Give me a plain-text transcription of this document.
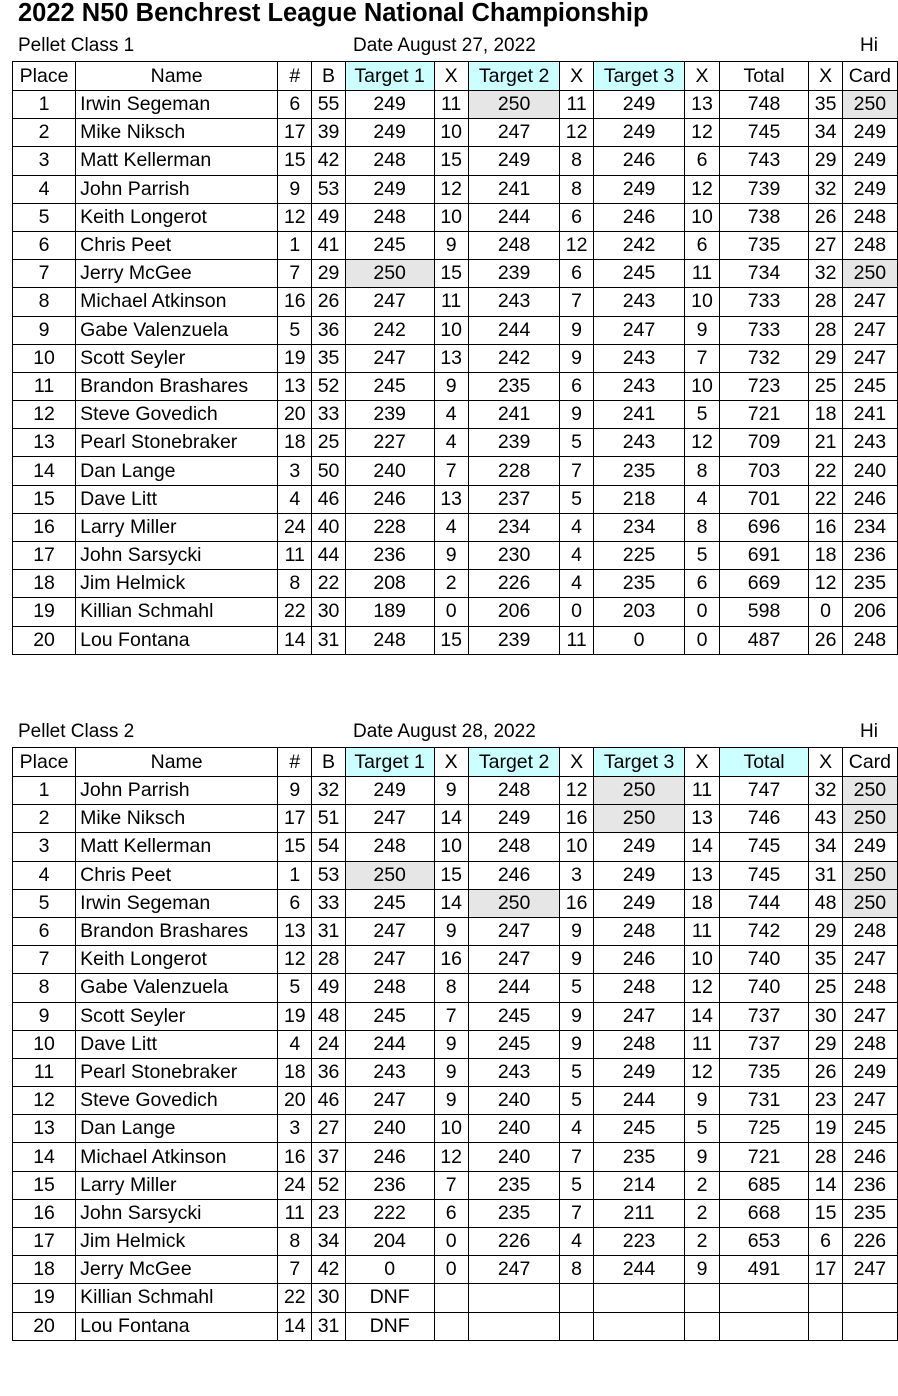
2022 N50 Benchrest League National Championship
Pellet Class 1	Date August 27, 2022	Hi
Place	Name	#	B	Target 1	X	Target 2	X	Target 3	X	Total	X	Card
1	Irwin Segeman	6	55	249	11	250	11	249	13	748	35	250
2	Mike Niksch	17	39	249	10	247	12	249	12	745	34	249
3	Matt Kellerman	15	42	248	15	249	8	246	6	743	29	249
4	John Parrish	9	53	249	12	241	8	249	12	739	32	249
5	Keith Longerot	12	49	248	10	244	6	246	10	738	26	248
6	Chris Peet	1	41	245	9	248	12	242	6	735	27	248
7	Jerry McGee	7	29	250	15	239	6	245	11	734	32	250
8	Michael Atkinson	16	26	247	11	243	7	243	10	733	28	247
9	Gabe Valenzuela	5	36	242	10	244	9	247	9	733	28	247
10	Scott Seyler	19	35	247	13	242	9	243	7	732	29	247
11	Brandon Brashares	13	52	245	9	235	6	243	10	723	25	245
12	Steve Govedich	20	33	239	4	241	9	241	5	721	18	241
13	Pearl Stonebraker	18	25	227	4	239	5	243	12	709	21	243
14	Dan Lange	3	50	240	7	228	7	235	8	703	22	240
15	Dave Litt	4	46	246	13	237	5	218	4	701	22	246
16	Larry Miller	24	40	228	4	234	4	234	8	696	16	234
17	John Sarsycki	11	44	236	9	230	4	225	5	691	18	236
18	Jim Helmick	8	22	208	2	226	4	235	6	669	12	235
19	Killian Schmahl	22	30	189	0	206	0	203	0	598	0	206
20	Lou Fontana	14	31	248	15	239	11	0	0	487	26	248
Pellet Class 2	Date August 28, 2022	Hi
Place	Name	#	B	Target 1	X	Target 2	X	Target 3	X	Total	X	Card
1	John Parrish	9	32	249	9	248	12	250	11	747	32	250
2	Mike Niksch	17	51	247	14	249	16	250	13	746	43	250
3	Matt Kellerman	15	54	248	10	248	10	249	14	745	34	249
4	Chris Peet	1	53	250	15	246	3	249	13	745	31	250
5	Irwin Segeman	6	33	245	14	250	16	249	18	744	48	250
6	Brandon Brashares	13	31	247	9	247	9	248	11	742	29	248
7	Keith Longerot	12	28	247	16	247	9	246	10	740	35	247
8	Gabe Valenzuela	5	49	248	8	244	5	248	12	740	25	248
9	Scott Seyler	19	48	245	7	245	9	247	14	737	30	247
10	Dave Litt	4	24	244	9	245	9	248	11	737	29	248
11	Pearl Stonebraker	18	36	243	9	243	5	249	12	735	26	249
12	Steve Govedich	20	46	247	9	240	5	244	9	731	23	247
13	Dan Lange	3	27	240	10	240	4	245	5	725	19	245
14	Michael Atkinson	16	37	246	12	240	7	235	9	721	28	246
15	Larry Miller	24	52	236	7	235	5	214	2	685	14	236
16	John Sarsycki	11	23	222	6	235	7	211	2	668	15	235
17	Jim Helmick	8	34	204	0	226	4	223	2	653	6	226
18	Jerry McGee	7	42	0	0	247	8	244	9	491	17	247
19	Killian Schmahl	22	30	DNF								
20	Lou Fontana	14	31	DNF								
